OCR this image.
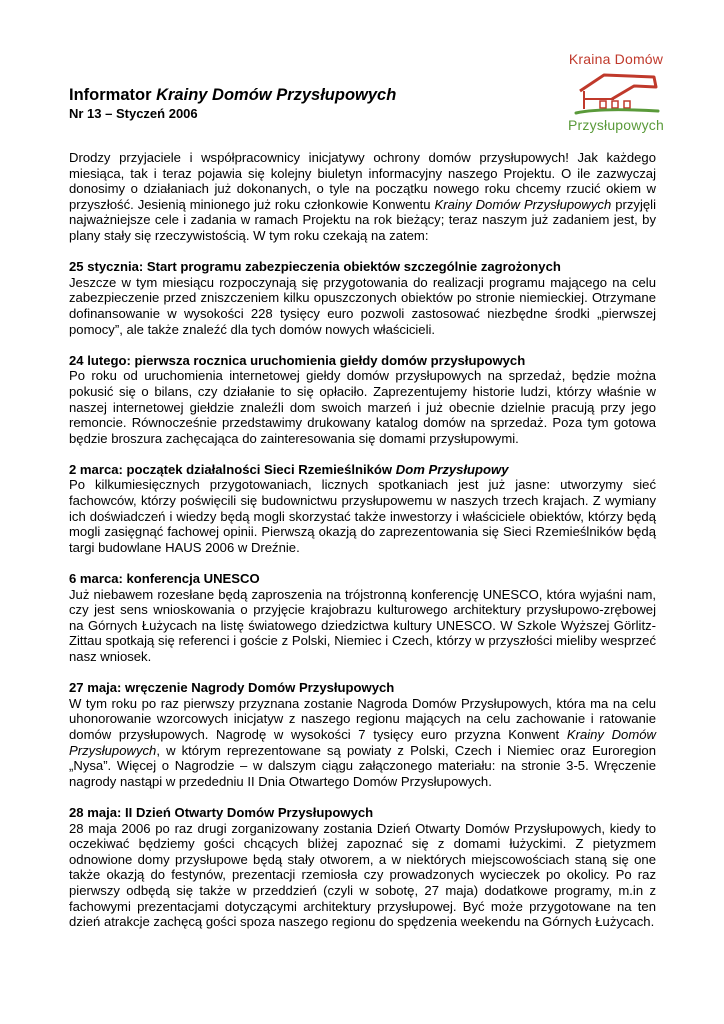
Kraina Domów
Przysłupowych
Informator Krainy Domów Przysłupowych
Nr 13 – Styczeń 2006

Drodzy przyjaciele i współpracownicy inicjatywy ochrony domów przysłupowych! Jak każdego miesiąca, tak i teraz pojawia się kolejny biuletyn informacyjny naszego Projektu. O ile zazwyczaj donosimy o działaniach już dokonanych, o tyle na początku nowego roku chcemy rzucić okiem w przyszłość. Jesienią minionego już roku członkowie Konwentu Krainy Domów Przysłupowych przyjęli najważniejsze cele i zadania w ramach Projektu na rok bieżący; teraz naszym już zadaniem jest, by plany stały się rzeczywistością. W tym roku czekają na zatem:

25 stycznia: Start programu zabezpieczenia obiektów szczególnie zagrożonych
Jeszcze w tym miesiącu rozpoczynają się przygotowania do realizacji programu mającego na celu zabezpieczenie przed zniszczeniem kilku opuszczonych obiektów po stronie niemieckiej. Otrzymane dofinansowanie w wysokości 228 tysięcy euro pozwoli zastosować niezbędne środki „pierwszej pomocy”, ale także znaleźć dla tych domów nowych właścicieli.

24 lutego: pierwsza rocznica uruchomienia giełdy domów przysłupowych
Po roku od uruchomienia internetowej giełdy domów przysłupowych na sprzedaż, będzie można pokusić się o bilans, czy działanie to się opłaciło. Zaprezentujemy historie ludzi, którzy właśnie w naszej internetowej giełdzie znaleźli dom swoich marzeń i już obecnie dzielnie pracują przy jego remoncie. Równocześnie przedstawimy drukowany katalog domów na sprzedaż. Poza tym gotowa będzie broszura zachęcająca do zainteresowania się domami przysłupowymi.

2 marca: początek działalności Sieci Rzemieślników Dom Przysłupowy
Po kilkumiesięcznych przygotowaniach, licznych spotkaniach jest już jasne: utworzymy sieć fachowców, którzy poświęcili się budownictwu przysłupowemu w naszych trzech krajach. Z wymiany ich doświadczeń i wiedzy będą mogli skorzystać także inwestorzy i właściciele obiektów, którzy będą mogli zasięgnąć fachowej opinii. Pierwszą okazją do zaprezentowania się Sieci Rzemieślników będą targi budowlane HAUS 2006 w Dreźnie.

6 marca: konferencja UNESCO
Już niebawem rozesłane będą zaproszenia na trójstronną konferencję UNESCO, która wyjaśni nam, czy jest sens wnioskowania o przyjęcie krajobrazu kulturowego architektury przysłupowo-zrębowej na Górnych Łużycach na listę światowego dziedzictwa kultury UNESCO. W Szkole Wyższej Görlitz-Zittau spotkają się referenci i goście z Polski, Niemiec i Czech, którzy w przyszłości mieliby wesprzeć nasz wniosek.

27 maja: wręczenie Nagrody Domów Przysłupowych
W tym roku po raz pierwszy przyznana zostanie Nagroda Domów Przysłupowych, która ma na celu uhonorowanie wzorcowych inicjatyw z naszego regionu mających na celu zachowanie i ratowanie domów przysłupowych. Nagrodę w wysokości 7 tysięcy euro przyzna Konwent Krainy Domów Przysłupowych, w którym reprezentowane są powiaty z Polski, Czech i Niemiec oraz Euroregion „Nysa”. Więcej o Nagrodzie – w dalszym ciągu załączonego materiału: na stronie 3-5. Wręczenie nagrody nastąpi w przededniu II Dnia Otwartego Domów Przysłupowych.

28 maja: II Dzień Otwarty Domów Przysłupowych
28 maja 2006 po raz drugi zorganizowany zostania Dzień Otwarty Domów Przysłupowych, kiedy to oczekiwać będziemy gości chcących bliżej zapoznać się z domami łużyckimi. Z pietyzmem odnowione domy przysłupowe będą stały otworem, a w niektórych miejscowościach staną się one także okazją do festynów, prezentacji rzemiosła czy prowadzonych wycieczek po okolicy. Po raz pierwszy odbędą się także w przeddzień (czyli w sobotę, 27 maja) dodatkowe programy, m.in z fachowymi prezentacjami dotyczącymi architektury przysłupowej. Być może przygotowane na ten dzień atrakcje zachęcą gości spoza naszego regionu do spędzenia weekendu na Górnych Łużycach.
